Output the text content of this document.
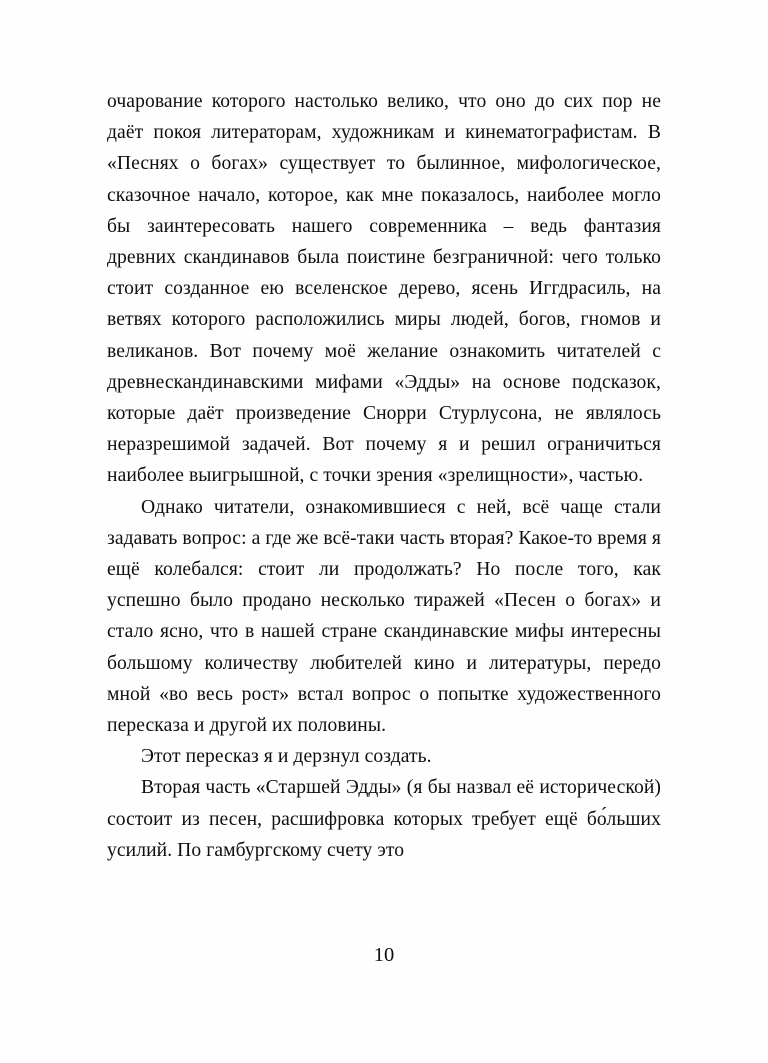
очарование которого настолько велико, что оно до сих пор не даёт покоя литераторам, художникам и кинематографистам. В «Песнях о богах» существует то былинное, мифологическое, сказочное начало, которое, как мне показалось, наиболее могло бы заинтересовать нашего современника – ведь фантазия древних скандинавов была поистине безграничной: чего только стоит созданное ею вселенское дерево, ясень Иггдрасиль, на ветвях которого расположились миры людей, богов, гномов и великанов. Вот почему моё желание ознакомить читателей с древнескандинавскими мифами «Эдды» на основе подсказок, которые даёт произведение Снорри Стурлусона, не являлось неразрешимой задачей. Вот почему я и решил ограничиться наиболее выигрышной, с точки зрения «зрелищности», частью.

Однако читатели, ознакомившиеся с ней, всё чаще стали задавать вопрос: а где же всё-таки часть вторая? Какое-то время я ещё колебался: стоит ли продолжать? Но после того, как успешно было продано несколько тиражей «Песен о богах» и стало ясно, что в нашей стране скандинавские мифы интересны большому количеству любителей кино и литературы, передо мной «во весь рост» встал вопрос о попытке художественного пересказа и другой их половины.

Этот пересказ я и дерзнул создать.

Вторая часть «Старшей Эдды» (я бы назвал её исторической) состоит из песен, расшифровка которых требует ещё бо́льших усилий. По гамбургскому счету это

10
